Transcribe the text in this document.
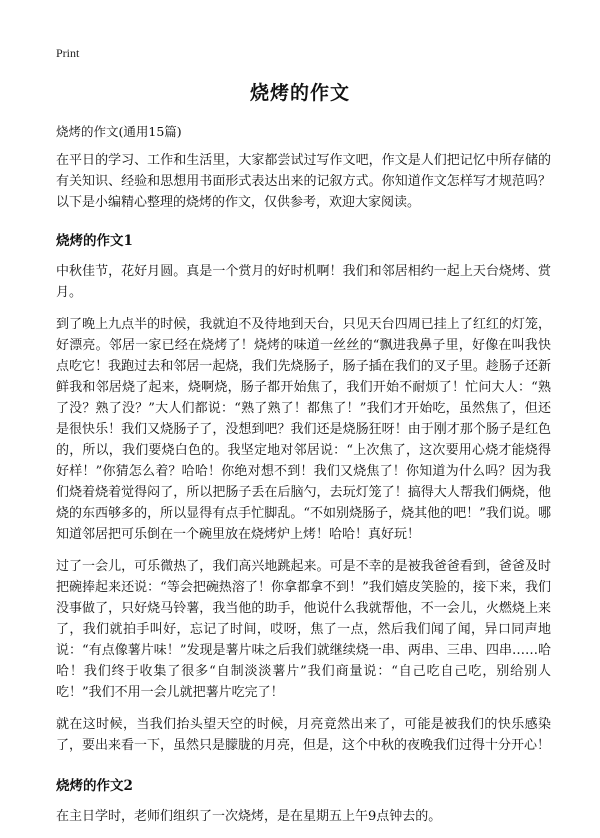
Print
烧烤的作文

烧烤的作文(通用15篇)

在平日的学习、工作和生活里，大家都尝试过写作文吧，作文是人们把记忆中所存储的有关知识、经验和思想用书面形式表达出来的记叙方式。你知道作文怎样写才规范吗？以下是小编精心整理的烧烤的作文，仅供参考，欢迎大家阅读。

烧烤的作文1

中秋佳节，花好月圆。真是一个赏月的好时机啊！我们和邻居相约一起上天台烧烤、赏月。

到了晚上九点半的时候，我就迫不及待地到天台，只见天台四周已挂上了红红的灯笼，好漂亮。邻居一家已经在烧烤了！烧烤的味道一丝丝的“飘进我鼻子里，好像在叫我快点吃它！我跑过去和邻居一起烧，我们先烧肠子，肠子插在我们的叉子里。趁肠子还新鲜我和邻居烧了起来，烧啊烧，肠子都开始焦了，我们开始不耐烦了！忙问大人：“熟了没？熟了没？”大人们都说：“熟了熟了！都焦了！”我们才开始吃，虽然焦了，但还是很快乐！我们又烧肠子了，没想到吧？我们还是烧肠狂呀！由于刚才那个肠子是红色的，所以，我们要烧白色的。我坚定地对邻居说：“上次焦了，这次要用心烧才能烧得好样！”你猜怎么着？哈哈！你绝对想不到！我们又烧焦了！你知道为什么吗？因为我们烧着烧着觉得闷了，所以把肠子丢在后脑勺，去玩灯笼了！搞得大人帮我们俩烧，他烧的东西够多的，所以显得有点手忙脚乱。“不如别烧肠子，烧其他的吧！”我们说。哪知道邻居把可乐倒在一个碗里放在烧烤炉上烤！哈哈！真好玩！

过了一会儿，可乐微热了，我们高兴地跳起来。可是不幸的是被我爸爸看到，爸爸及时把碗捧起来还说：“等会把碗热溶了！你拿都拿不到！”我们嬉皮笑脸的，接下来，我们没事做了，只好烧马铃薯，我当他的助手，他说什么我就帮他，不一会儿，火燃烧上来了，我们就拍手叫好，忘记了时间，哎呀，焦了一点，然后我们闻了闻，异口同声地说：“有点像薯片味！”发现是薯片味之后我们就继续烧一串、两串、三串、四串……哈哈！我们终于收集了很多“自制淡淡薯片”我们商量说：“自己吃自己吃，别给别人吃！”我们不用一会儿就把薯片吃完了！

就在这时候，当我们抬头望天空的时候，月亮竟然出来了，可能是被我们的快乐感染了，要出来看一下，虽然只是朦胧的月亮，但是，这个中秋的夜晚我们过得十分开心！

烧烤的作文2

在主日学时，老师们组织了一次烧烤，是在星期五上午9点钟去的。
